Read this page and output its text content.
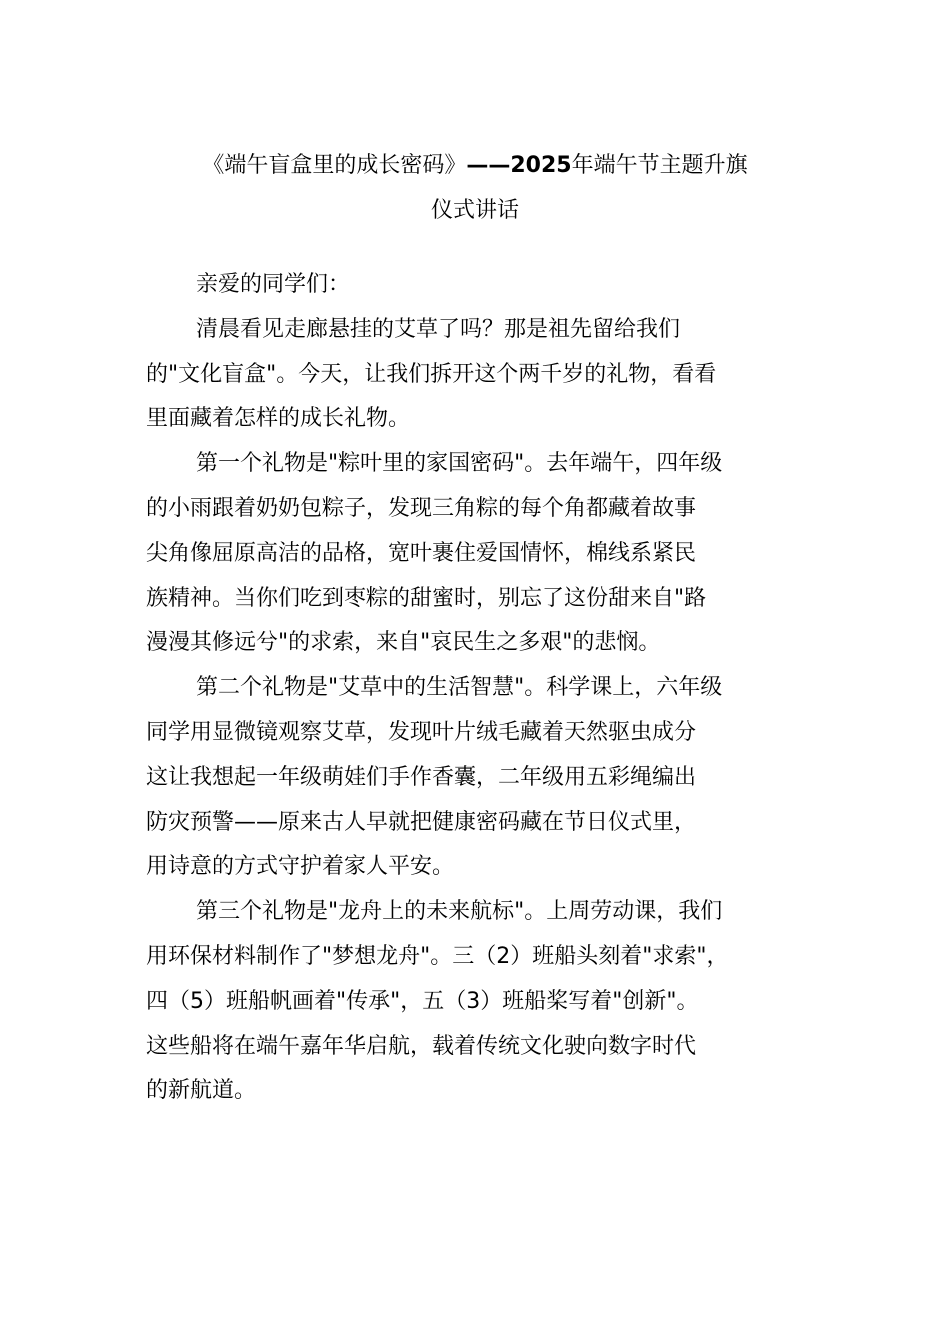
《端午盲盒里的成长密码》——2025年端午节主题升旗
仪式讲话
亲爱的同学们：
清晨看见走廊悬挂的艾草了吗？那是祖先留给我们
的"文化盲盒"。今天，让我们拆开这个两千岁的礼物，看看
里面藏着怎样的成长礼物。
第一个礼物是"粽叶里的家国密码"。去年端午，四年级
的小雨跟着奶奶包粽子，发现三角粽的每个角都藏着故事
尖角像屈原高洁的品格，宽叶裹住爱国情怀，棉线系紧民
族精神。当你们吃到枣粽的甜蜜时，别忘了这份甜来自"路
漫漫其修远兮"的求索，来自"哀民生之多艰"的悲悯。
第二个礼物是"艾草中的生活智慧"。科学课上，六年级
同学用显微镜观察艾草，发现叶片绒毛藏着天然驱虫成分
这让我想起一年级萌娃们手作香囊，二年级用五彩绳编出
防灾预警——原来古人早就把健康密码藏在节日仪式里，
用诗意的方式守护着家人平安。
第三个礼物是"龙舟上的未来航标"。上周劳动课，我们
用环保材料制作了"梦想龙舟"。三（2）班船头刻着"求索"，
四（5）班船帆画着"传承"，五（3）班船桨写着"创新"。
这些船将在端午嘉年华启航，载着传统文化驶向数字时代
的新航道。
